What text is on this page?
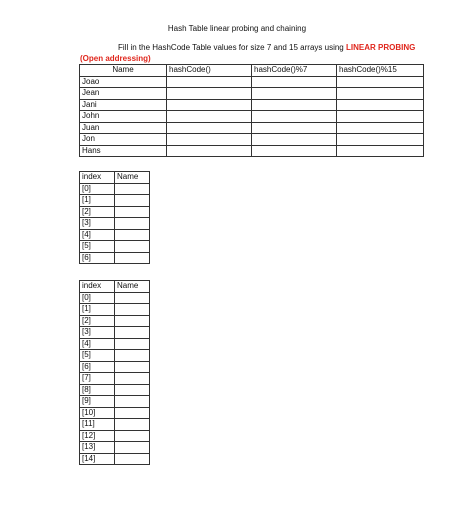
Hash Table linear probing and chaining
Fill in the HashCode Table values for size 7 and 15 arrays using LINEAR PROBING
(Open addressing)
Name	hashCode()	hashCode()%7	hashCode()%15
Joao			
Jean			
Jani			
John			
Juan			
Jon			
Hans			
index	Name
[0]	
[1]	
[2]	
[3]	
[4]	
[5]	
[6]	
index	Name
[0]	
[1]	
[2]	
[3]	
[4]	
[5]	
[6]	
[7]	
[8]	
[9]	
[10]	
[11]	
[12]	
[13]	
[14]	
